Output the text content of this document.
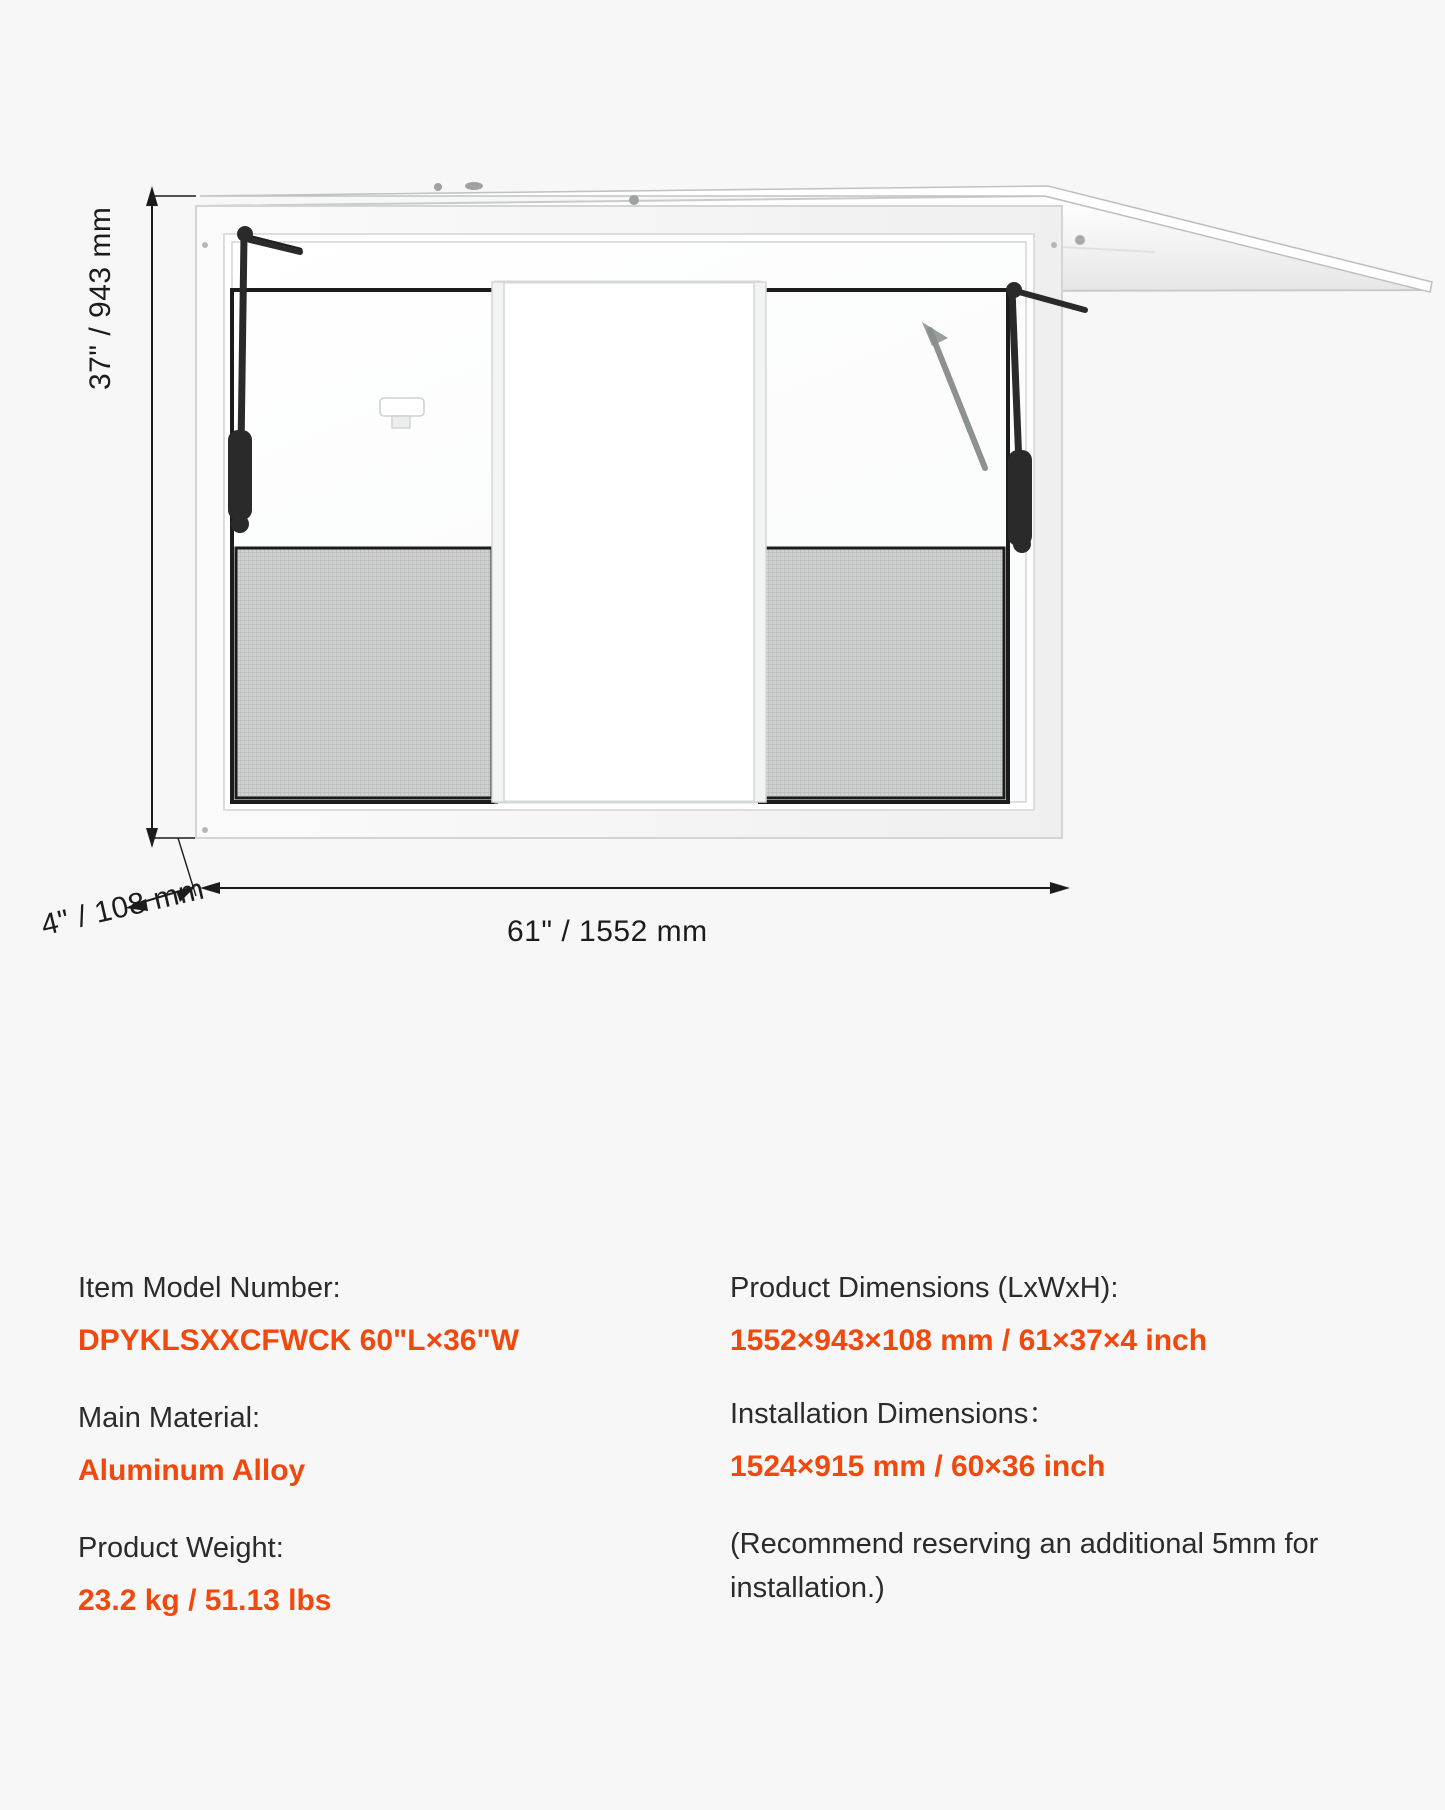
37" / 943 mm
61" / 1552 mm
4" / 108 mm

Item Model Number:

DPYKLSXXCFWCK 60"L×36"W

Main Material:

Aluminum Alloy

Product Weight:

23.2 kg / 51.13 lbs

Product Dimensions (LxWxH):

1552×943×108 mm / 61×37×4 inch

Installation Dimensions：

1524×915 mm / 60×36 inch

(Recommend reserving an additional 5mm for installation.)
